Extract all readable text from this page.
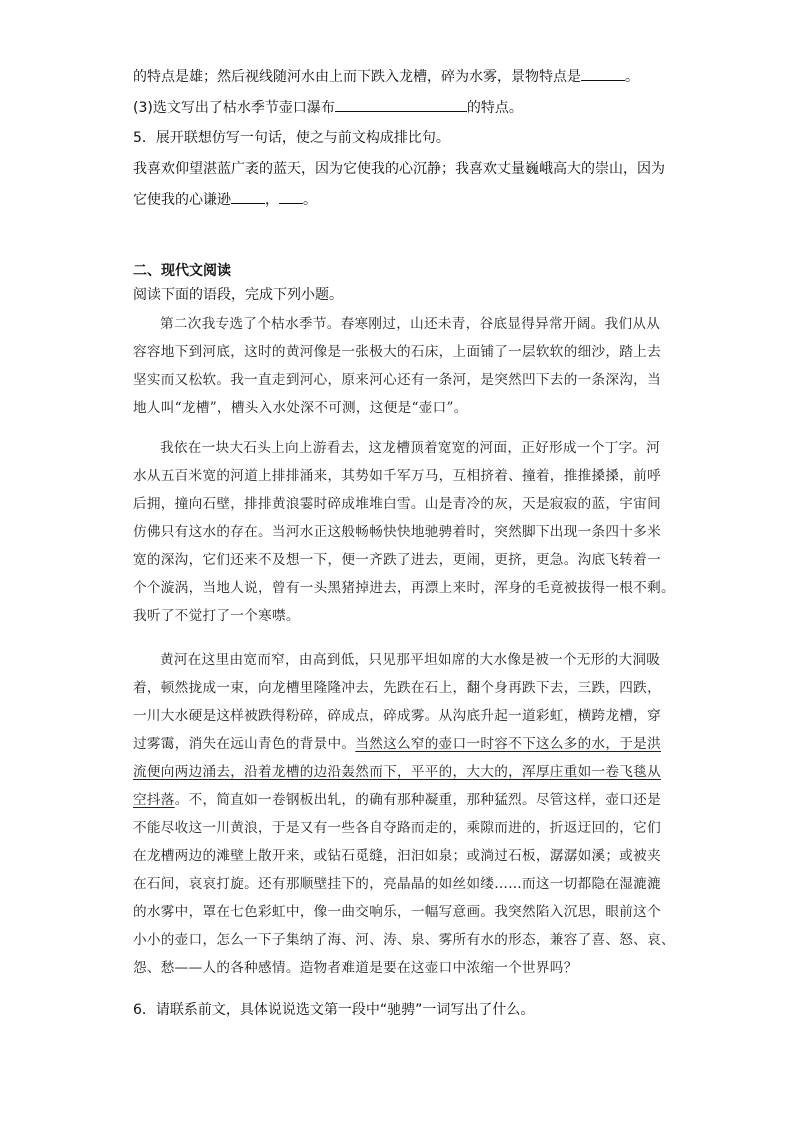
的特点是雄；然后视线随河水由上而下跌入龙槽，碎为水雾，景物特点是	。
(3)选文写出了枯水季节壶口瀑布	的特点。
5．展开联想仿写一句话，使之与前文构成排比句。
我喜欢仰望湛蓝广袤的蓝天，因为它使我的心沉静；我喜欢丈量巍峨高大的崇山，因为
它使我的心谦逊 ， 。
二、现代文阅读
阅读下面的语段，完成下列小题。
第二次我专选了个枯水季节。春寒刚过，山还未青，谷底显得异常开阔。我们从从
容容地下到河底，这时的黄河像是一张极大的石床，上面铺了一层软软的细沙，踏上去
坚实而又松软。我一直走到河心，原来河心还有一条河，是突然凹下去的一条深沟，当
地人叫“龙槽”，槽头入水处深不可测，这便是“壶口”。
我依在一块大石头上向上游看去，这龙槽顶着宽宽的河面，正好形成一个丁字。河
水从五百米宽的河道上排排涌来，其势如千军万马，互相挤着、撞着，推推搡搡，前呼
后拥，撞向石壁，排排黄浪霎时碎成堆堆白雪。山是青冷的灰，天是寂寂的蓝，宇宙间
仿佛只有这水的存在。当河水正这般畅畅快快地驰骋着时，突然脚下出现一条四十多米
宽的深沟，它们还来不及想一下，便一齐跌了进去，更闹，更挤，更急。沟底飞转着一
个个漩涡，当地人说，曾有一头黑猪掉进去，再漂上来时，浑身的毛竟被拔得一根不剩。
我听了不觉打了一个寒噤。
黄河在这里由宽而窄，由高到低，只见那平坦如席的大水像是被一个无形的大洞吸
着，顿然拢成一束，向龙槽里隆隆冲去，先跌在石上，翻个身再跌下去，三跌，四跌，
一川大水硬是这样被跌得粉碎，碎成点，碎成雾。从沟底升起一道彩虹，横跨龙槽，穿
过雾霭，消失在远山青色的背景中。当然这么窄的壶口一时容不下这么多的水，于是洪
流便向两边涌去，沿着龙槽的边沿轰然而下，平平的，大大的，浑厚庄重如一卷飞毯从
空抖落。不，简直如一卷钢板出轧，的确有那种凝重，那种猛烈。尽管这样，壶口还是
不能尽收这一川黄浪，于是又有一些各自夺路而走的，乘隙而进的，折返迂回的，它们
在龙槽两边的滩壁上散开来，或钻石觅缝，汩汩如泉；或淌过石板，潺潺如溪；或被夹
在石间，哀哀打旋。还有那顺壁挂下的，亮晶晶的如丝如缕……而这一切都隐在湿漉漉
的水雾中，罩在七色彩虹中，像一曲交响乐，一幅写意画。我突然陷入沉思，眼前这个
小小的壶口，怎么一下子集纳了海、河、涛、泉、雾所有水的形态，兼容了喜、怒、哀、
怨、愁——人的各种感情。造物者难道是要在这壶口中浓缩一个世界吗？
6．请联系前文，具体说说选文第一段中“驰骋”一词写出了什么。
